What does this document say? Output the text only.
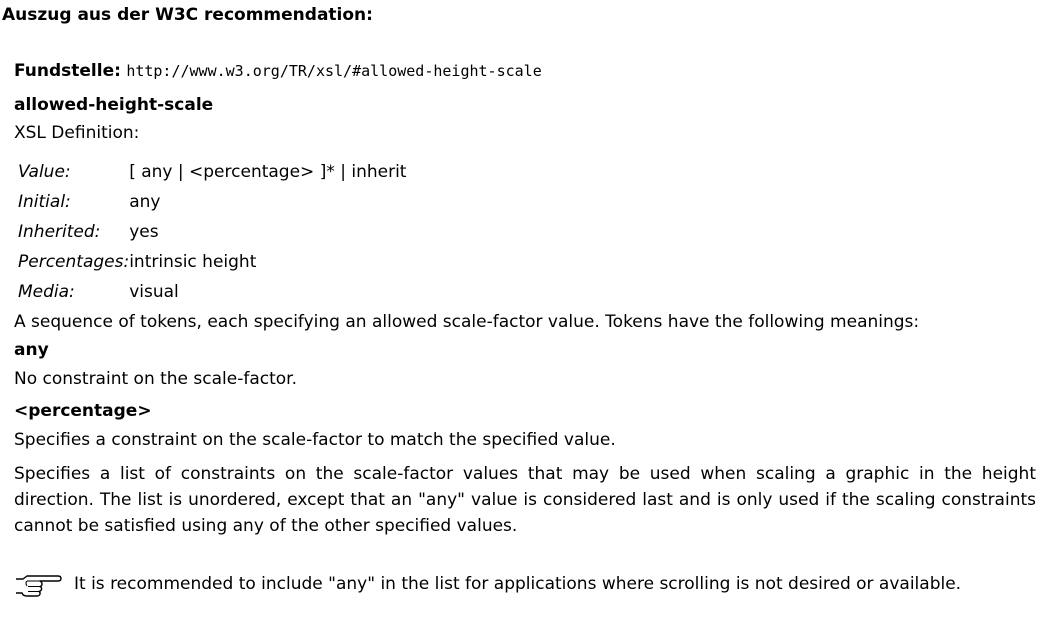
Auszug aus der W3C recommendation:
Fundstelle: http://www.w3.org/TR/xsl/#allowed-height-scale
allowed-height-scale
XSL Definition:
Value:	[ any | <percentage> ]* | inherit
Initial:	any
Inherited:	yes
Percentages:	intrinsic height
Media:	visual
A sequence of tokens, each specifying an allowed scale-factor value. Tokens have the following meanings:
any
No constraint on the scale-factor.
<percentage>
Specifies a constraint on the scale-factor to match the specified value.
Specifies a list of constraints on the scale-factor values that may be used when scaling a graphic in the height direction. The list is unordered, except that an "any" value is considered last and is only used if the scaling constraints cannot be satisfied using any of the other specified values.
It is recommended to include "any" in the list for applications where scrolling is not desired or available.
